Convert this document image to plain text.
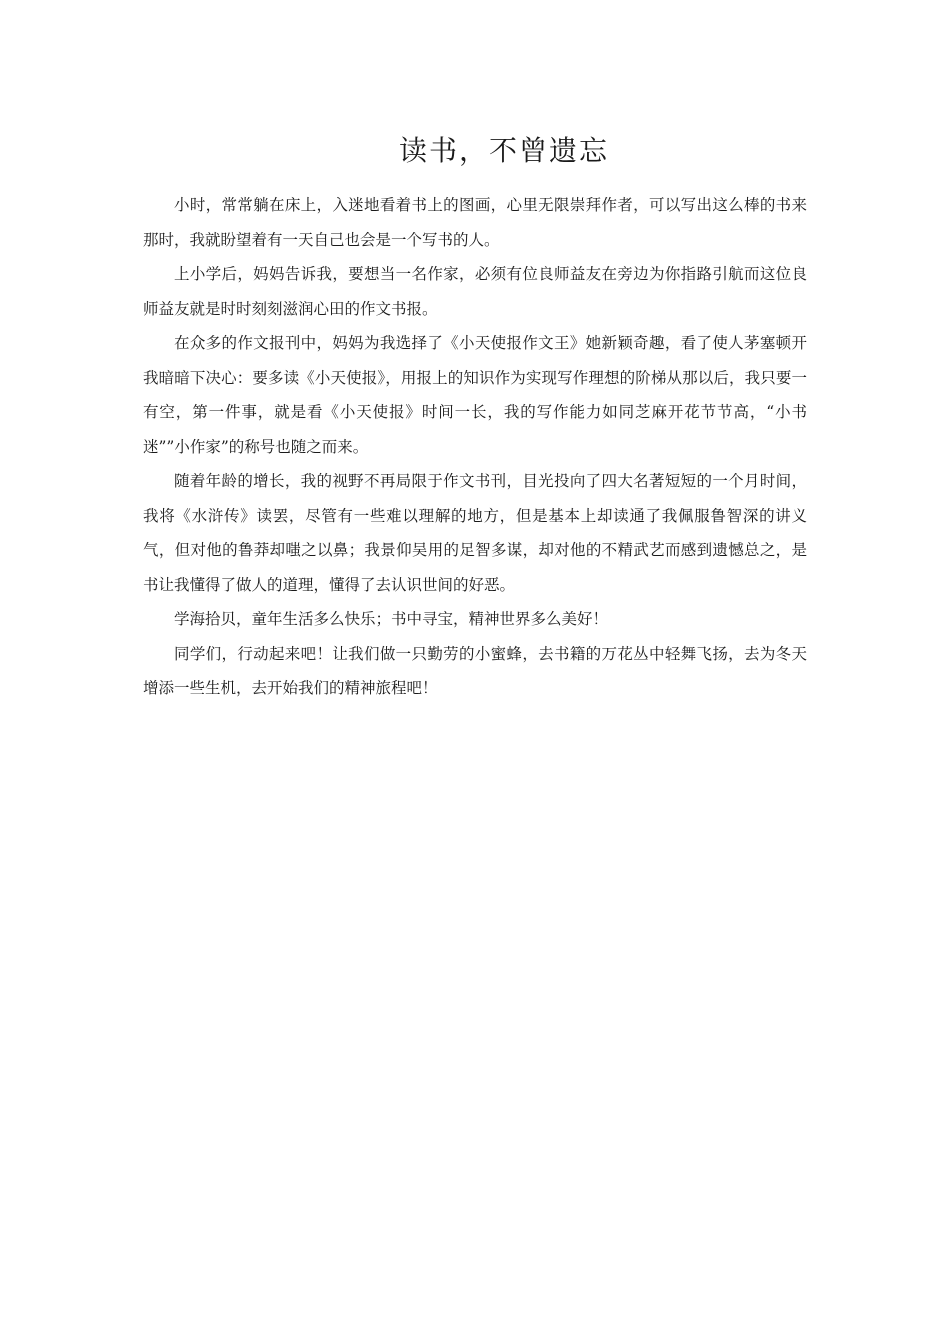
读书，不曾遗忘

小时，常常躺在床上，入迷地看着书上的图画，心里无限崇拜作者，可以写出这么棒的书来那时，我就盼望着有一天自己也会是一个写书的人。

上小学后，妈妈告诉我，要想当一名作家，必须有位良师益友在旁边为你指路引航而这位良师益友就是时时刻刻滋润心田的作文书报。

在众多的作文报刊中，妈妈为我选择了《小天使报作文王》她新颖奇趣，看了使人茅塞顿开我暗暗下决心：要多读《小天使报》，用报上的知识作为实现写作理想的阶梯从那以后，我只要一有空，第一件事，就是看《小天使报》时间一长，我的写作能力如同芝麻开花节节高，“小书迷””小作家”的称号也随之而来。

随着年龄的增长，我的视野不再局限于作文书刊，目光投向了四大名著短短的一个月时间，我将《水浒传》读罢，尽管有一些难以理解的地方，但是基本上却读通了我佩服鲁智深的讲义气，但对他的鲁莽却嗤之以鼻；我景仰吴用的足智多谋，却对他的不精武艺而感到遗憾总之，是书让我懂得了做人的道理，懂得了去认识世间的好恶。

学海拾贝，童年生活多么快乐；书中寻宝，精神世界多么美好！

同学们，行动起来吧！让我们做一只勤劳的小蜜蜂，去书籍的万花丛中轻舞飞扬，去为冬天增添一些生机，去开始我们的精神旅程吧！
